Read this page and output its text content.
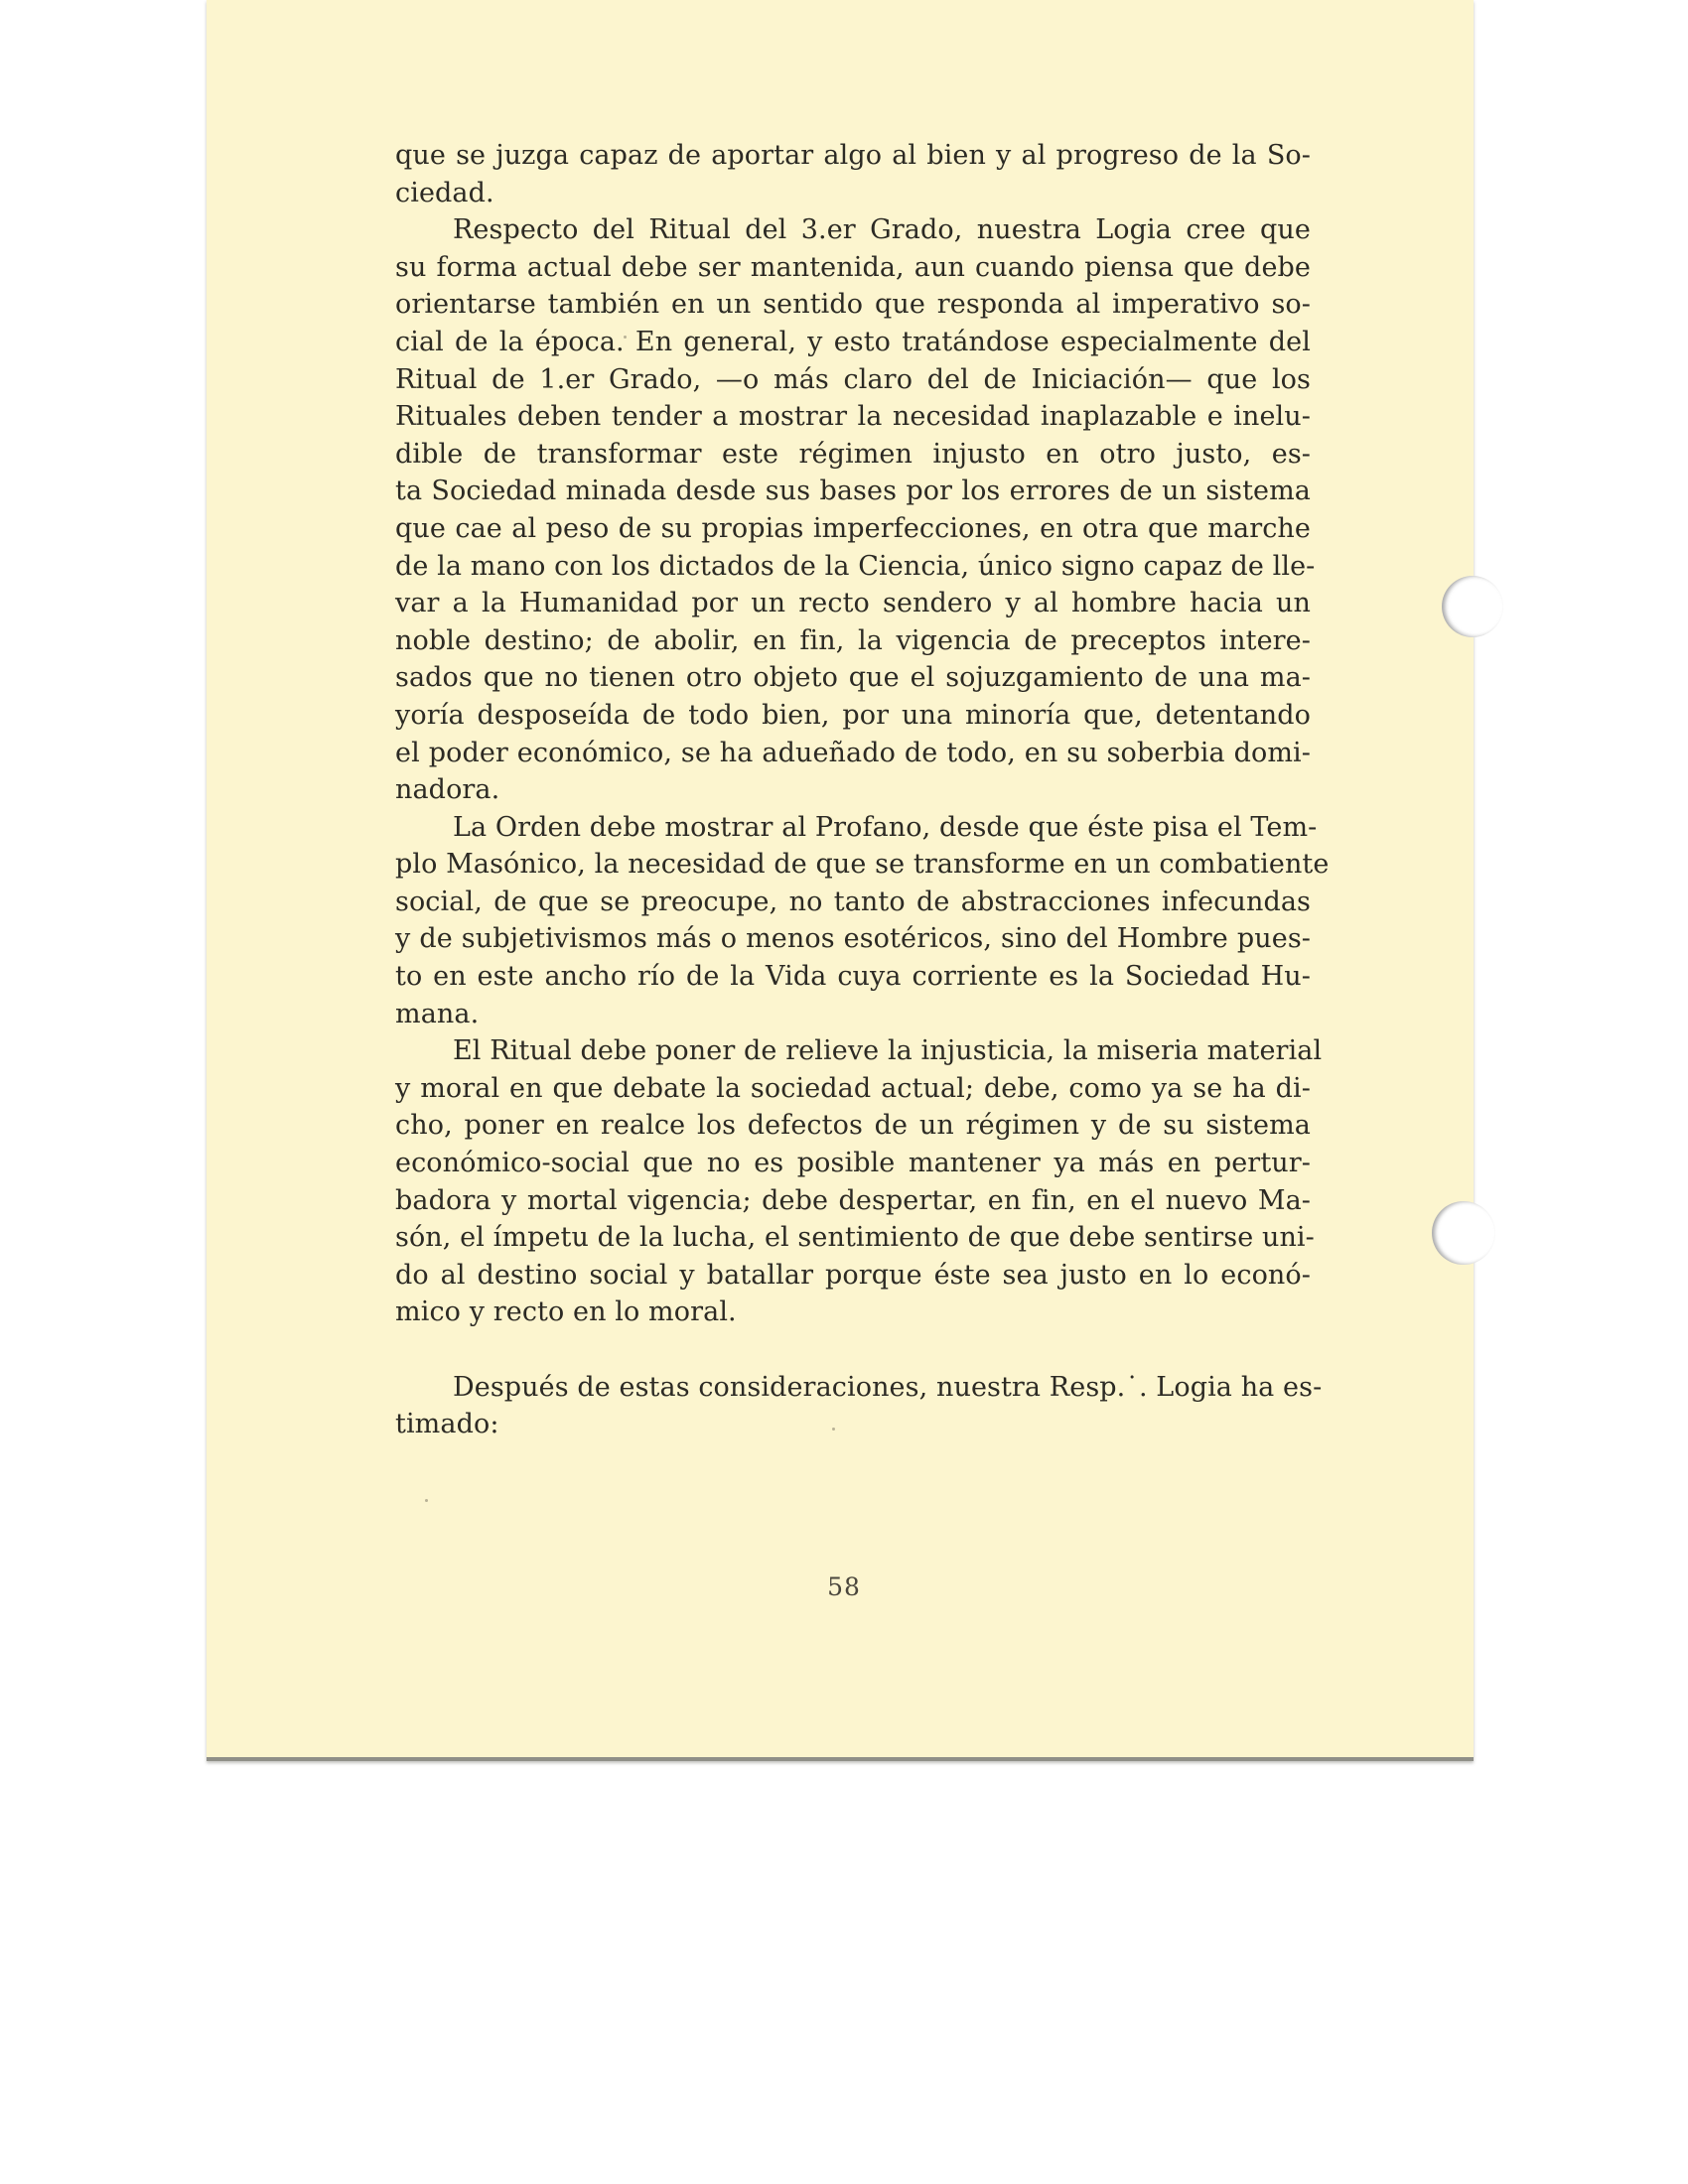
que se juzga capaz de aportar algo al bien y al progreso de la So-
ciedad.
Respecto del Ritual del 3.er Grado, nuestra Logia cree que
su forma actual debe ser mantenida, aun cuando piensa que debe
orientarse también en un sentido que responda al imperativo so-
cial de la época. En general, y esto tratándose especialmente del
Ritual de 1.er Grado, —o más claro del de Iniciación— que los
Rituales deben tender a mostrar la necesidad inaplazable e inelu-
dible de transformar este régimen injusto en otro justo, es-
ta Sociedad minada desde sus bases por los errores de un sistema
que cae al peso de su propias imperfecciones, en otra que marche
de la mano con los dictados de la Ciencia, único signo capaz de lle-
var a la Humanidad por un recto sendero y al hombre hacia un
noble destino; de abolir, en fin, la vigencia de preceptos intere-
sados que no tienen otro objeto que el sojuzgamiento de una ma-
yoría desposeída de todo bien, por una minoría que, detentando
el poder económico, se ha adueñado de todo, en su soberbia domi-
nadora.
La Orden debe mostrar al Profano, desde que éste pisa el Tem-
plo Masónico, la necesidad de que se transforme en un combatiente
social, de que se preocupe, no tanto de abstracciones infecundas
y de subjetivismos más o menos esotéricos, sino del Hombre pues-
to en este ancho río de la Vida cuya corriente es la Sociedad Hu-
mana.
El Ritual debe poner de relieve la injusticia, la miseria material
y moral en que debate la sociedad actual; debe, como ya se ha di-
cho, poner en realce los defectos de un régimen y de su sistema
económico-social que no es posible mantener ya más en pertur-
badora y mortal vigencia; debe despertar, en fin, en el nuevo Ma-
són, el ímpetu de la lucha, el sentimiento de que debe sentirse uni-
do al destino social y batallar porque éste sea justo en lo econó-
mico y recto en lo moral.
Después de estas consideraciones, nuestra Resp.˙. Logia ha es-
timado:
58
